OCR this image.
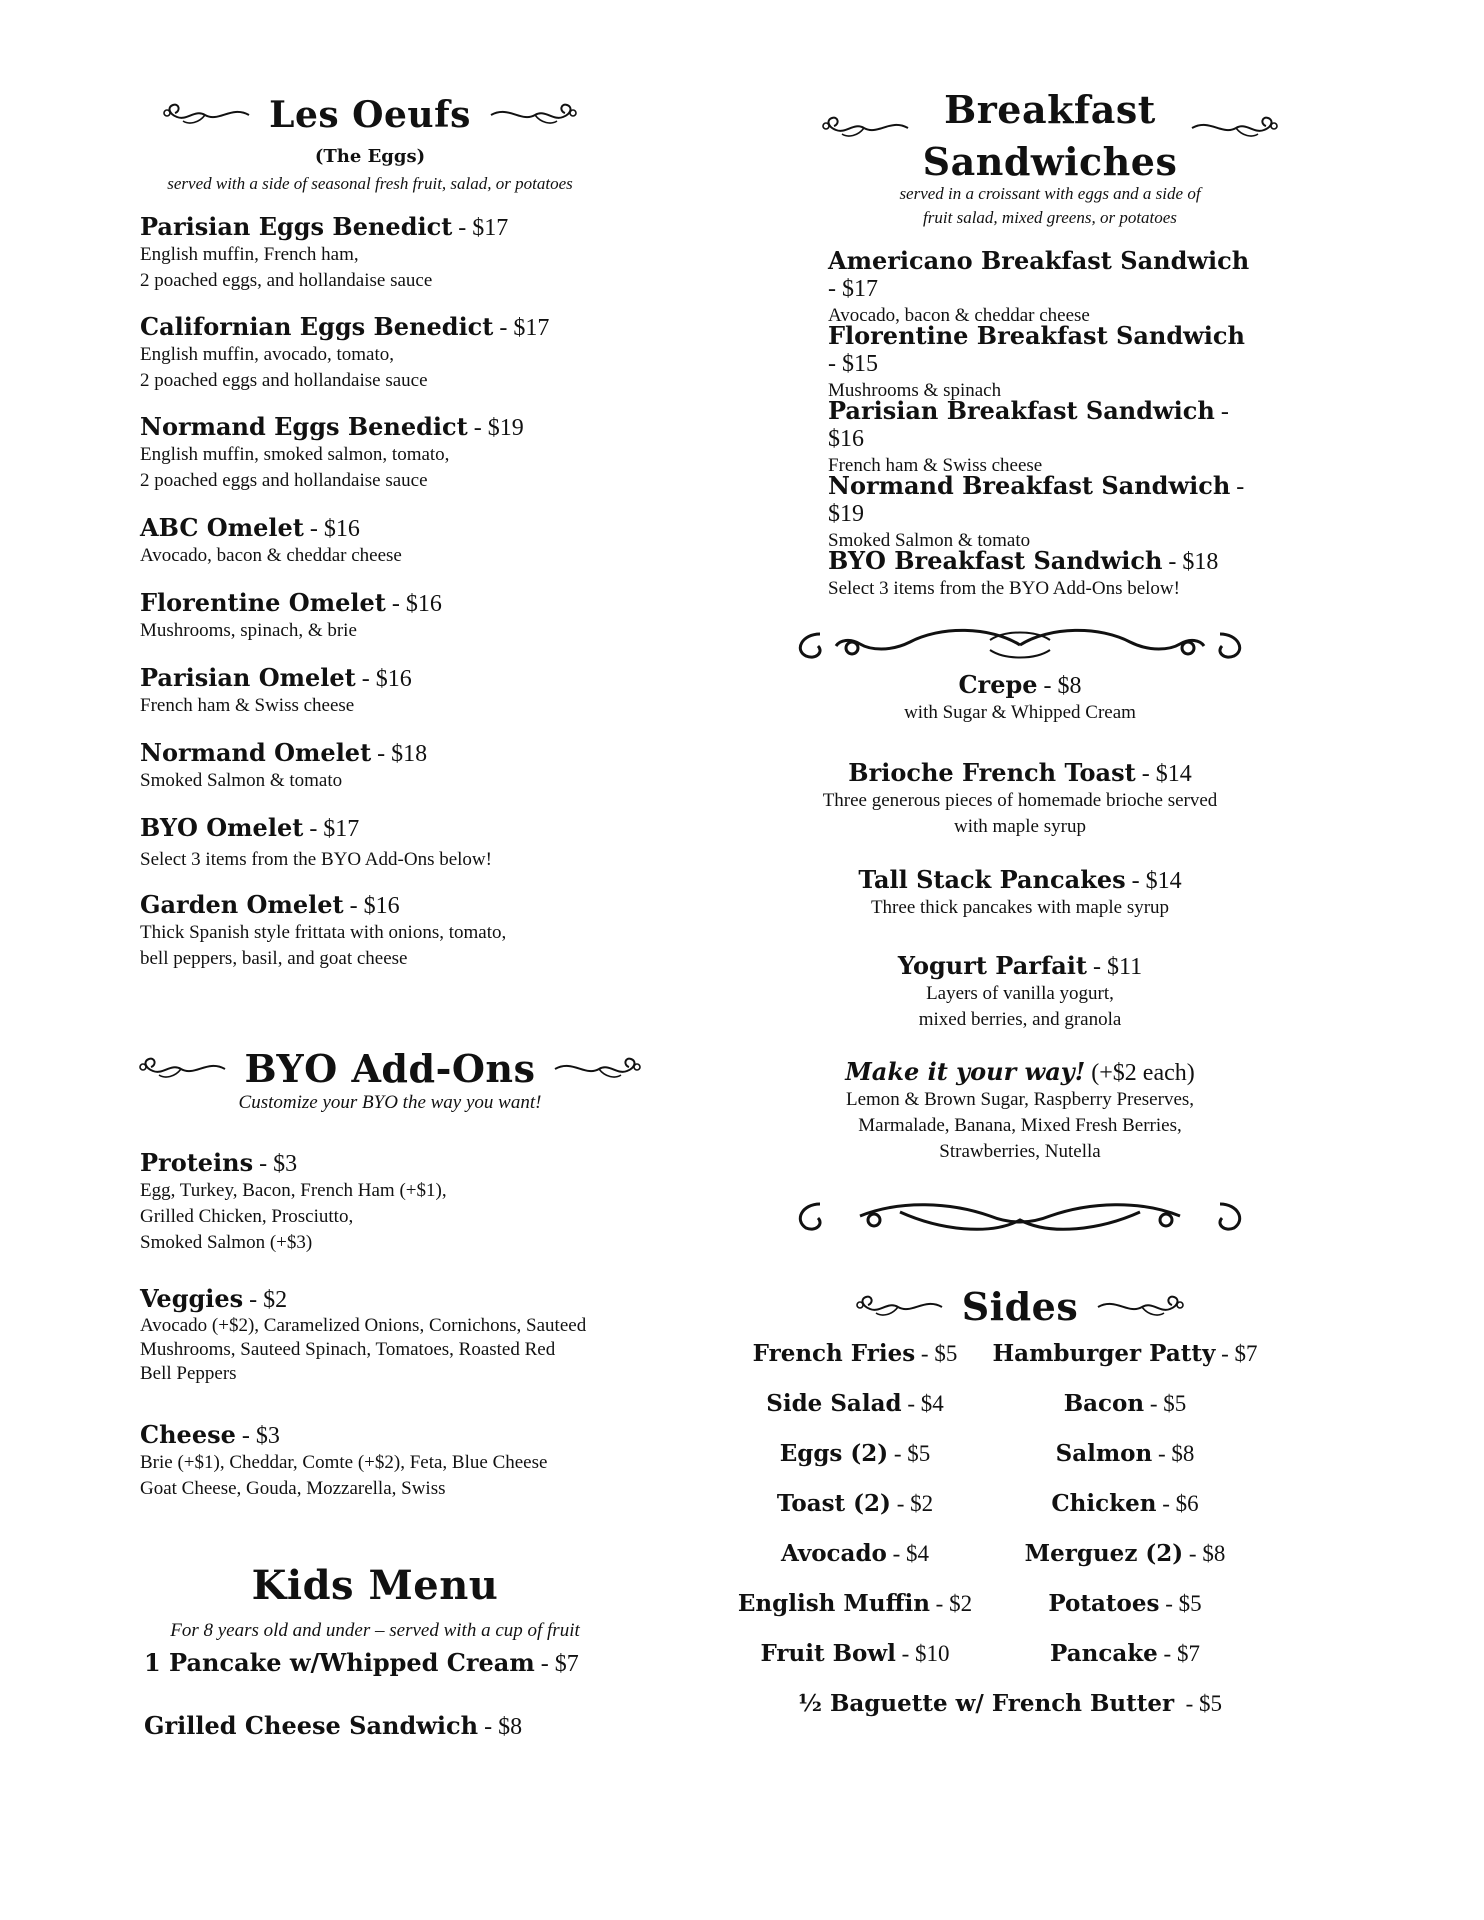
Les Oeufs
(The Eggs)
served with a side of seasonal fresh fruit, salad, or potatoes
Parisian Eggs Benedict - $17
English muffin, French ham,
2 poached eggs, and hollandaise sauce
Californian Eggs Benedict - $17
English muffin, avocado, tomato,
2 poached eggs and hollandaise sauce
Normand Eggs Benedict - $19
English muffin, smoked salmon, tomato,
2 poached eggs and hollandaise sauce
ABC Omelet - $16
Avocado, bacon & cheddar cheese
Florentine Omelet - $16
Mushrooms, spinach, & brie
Parisian Omelet - $16
French ham & Swiss cheese
Normand Omelet - $18
Smoked Salmon & tomato
BYO Omelet - $17
Select 3 items from the BYO Add-Ons below!
Garden Omelet - $16
Thick Spanish style frittata with onions, tomato,
bell peppers, basil, and goat cheese
BYO Add-Ons
Customize your BYO the way you want!
Proteins - $3
Egg, Turkey, Bacon, French Ham (+$1),
Grilled Chicken, Prosciutto,
Smoked Salmon (+$3)
Veggies - $2
Avocado (+$2), Caramelized Onions, Cornichons, Sauteed
Mushrooms, Sauteed Spinach, Tomatoes, Roasted Red
Bell Peppers
Cheese - $3
Brie (+$1), Cheddar, Comte (+$2), Feta, Blue Cheese
Goat Cheese, Gouda, Mozzarella, Swiss
Kids Menu
For 8 years old and under – served with a cup of fruit
1 Pancake w/Whipped Cream - $7
Grilled Cheese Sandwich - $8
Breakfast
Sandwiches
served in a croissant with eggs and a side of
fruit salad, mixed greens, or potatoes
Americano Breakfast Sandwich - $17
Avocado, bacon & cheddar cheese
Florentine Breakfast Sandwich - $15
Mushrooms & spinach
Parisian Breakfast Sandwich - $16
French ham & Swiss cheese
Normand Breakfast Sandwich - $19
Smoked Salmon & tomato
BYO Breakfast Sandwich - $18
Select 3 items from the BYO Add-Ons below!
Crepe - $8
with Sugar & Whipped Cream
Brioche French Toast - $14
Three generous pieces of homemade brioche served
with maple syrup
Tall Stack Pancakes - $14
Three thick pancakes with maple syrup
Yogurt Parfait - $11
Layers of vanilla yogurt,
mixed berries, and granola
Make it your way! (+$2 each)
Lemon & Brown Sugar, Raspberry Preserves,
Marmalade, Banana, Mixed Fresh Berries,
Strawberries, Nutella
Sides
French Fries - $5
Side Salad - $4
Eggs (2) - $5
Toast (2) - $2
Avocado - $4
English Muffin - $2
Fruit Bowl - $10
Hamburger Patty - $7
Bacon - $5
Salmon - $8
Chicken - $6
Merguez (2) - $8
Potatoes - $5
Pancake - $7
½ Baguette w/ French Butter  - $5
